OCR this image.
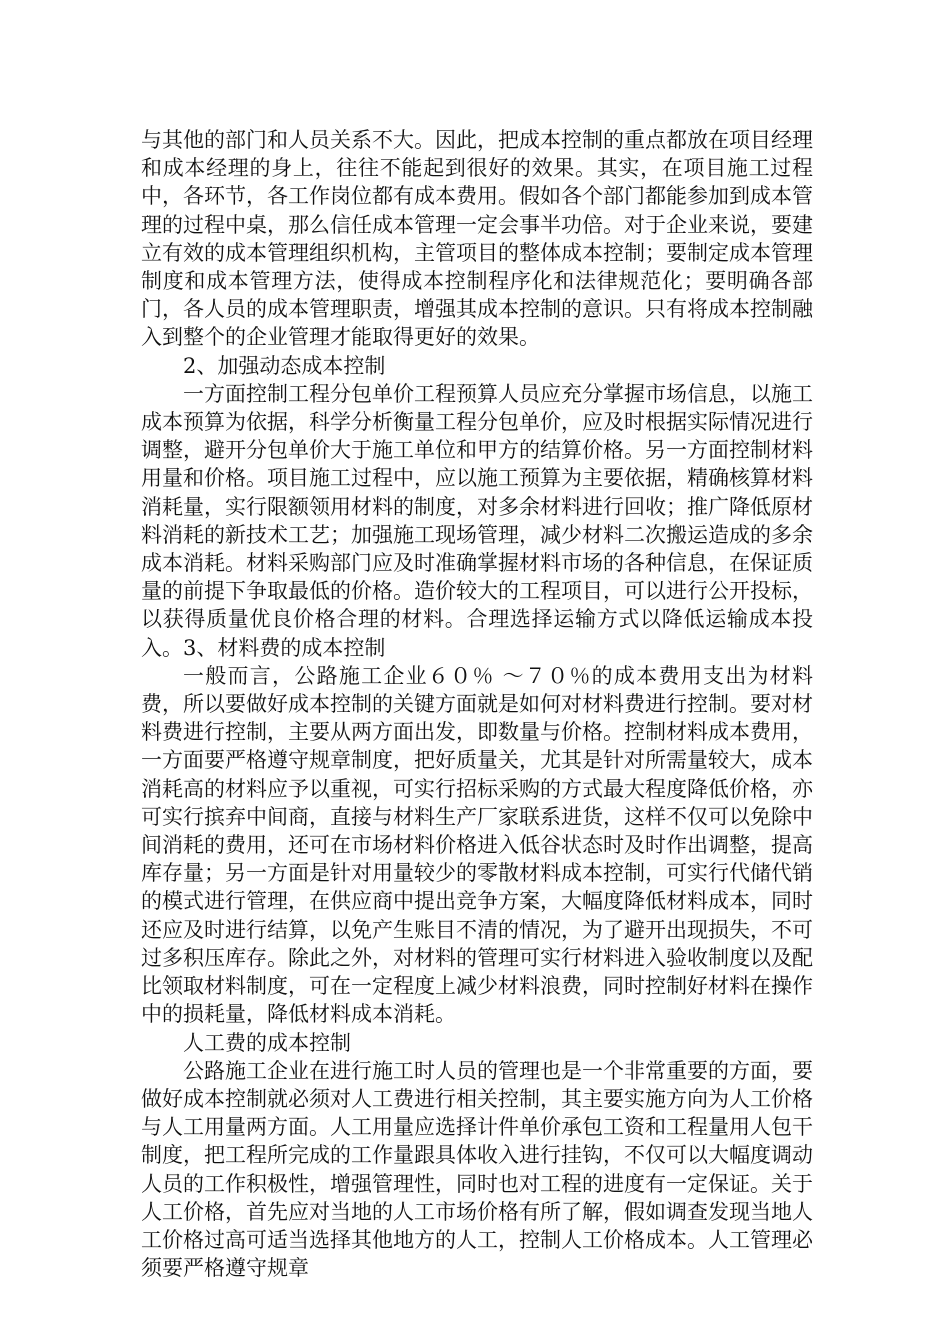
与其他的部门和人员关系不大。因此，把成本控制的重点都放在项目经理和成本经理的身上，往往不能起到很好的效果。其实，在项目施工过程中，各环节，各工作岗位都有成本费用。假如各个部门都能参加到成本管理的过程中桌，那么信任成本管理一定会事半功倍。对于企业来说，要建立有效的成本管理组织机构，主管项目的整体成本控制；要制定成本管理制度和成本管理方法，使得成本控制程序化和法律规范化；要明确各部门，各人员的成本管理职责，增强其成本控制的意识。只有将成本控制融入到整个的企业管理才能取得更好的效果。

2、加强动态成本控制

一方面控制工程分包单价工程预算人员应充分掌握市场信息，以施工成本预算为依据，科学分析衡量工程分包单价，应及时根据实际情况进行调整，避开分包单价大于施工单位和甲方的结算价格。另一方面控制材料用量和价格。项目施工过程中，应以施工预算为主要依据，精确核算材料消耗量，实行限额领用材料的制度，对多余材料进行回收；推广降低原材料消耗的新技术工艺；加强施工现场管理，减少材料二次搬运造成的多余成本消耗。材料采购部门应及时准确掌握材料市场的各种信息，在保证质量的前提下争取最低的价格。造价较大的工程项目，可以进行公开投标，以获得质量优良价格合理的材料。合理选择运输方式以降低运输成本投入。3、材料费的成本控制

一般而言，公路施工企业６０％ ～７０％的成本费用支出为材料费，所以要做好成本控制的关键方面就是如何对材料费进行控制。要对材料费进行控制，主要从两方面出发，即数量与价格。控制材料成本费用，一方面要严格遵守规章制度，把好质量关，尤其是针对所需量较大，成本消耗高的材料应予以重视，可实行招标采购的方式最大程度降低价格，亦可实行摈弃中间商，直接与材料生产厂家联系进货，这样不仅可以免除中间消耗的费用，还可在市场材料价格进入低谷状态时及时作出调整，提高库存量；另一方面是针对用量较少的零散材料成本控制，可实行代储代销的模式进行管理，在供应商中提出竞争方案，大幅度降低材料成本，同时还应及时进行结算，以免产生账目不清的情况，为了避开出现损失，不可过多积压库存。除此之外，对材料的管理可实行材料进入验收制度以及配比领取材料制度，可在一定程度上减少材料浪费，同时控制好材料在操作中的损耗量，降低材料成本消耗。

人工费的成本控制

公路施工企业在进行施工时人员的管理也是一个非常重要的方面，要做好成本控制就必须对人工费进行相关控制，其主要实施方向为人工价格与人工用量两方面。人工用量应选择计件单价承包工资和工程量用人包干制度，把工程所完成的工作量跟具体收入进行挂钩，不仅可以大幅度调动人员的工作积极性，增强管理性，同时也对工程的进度有一定保证。关于人工价格，首先应对当地的人工市场价格有所了解，假如调查发现当地人工价格过高可适当选择其他地方的人工，控制人工价格成本。人工管理必须要严格遵守规章
